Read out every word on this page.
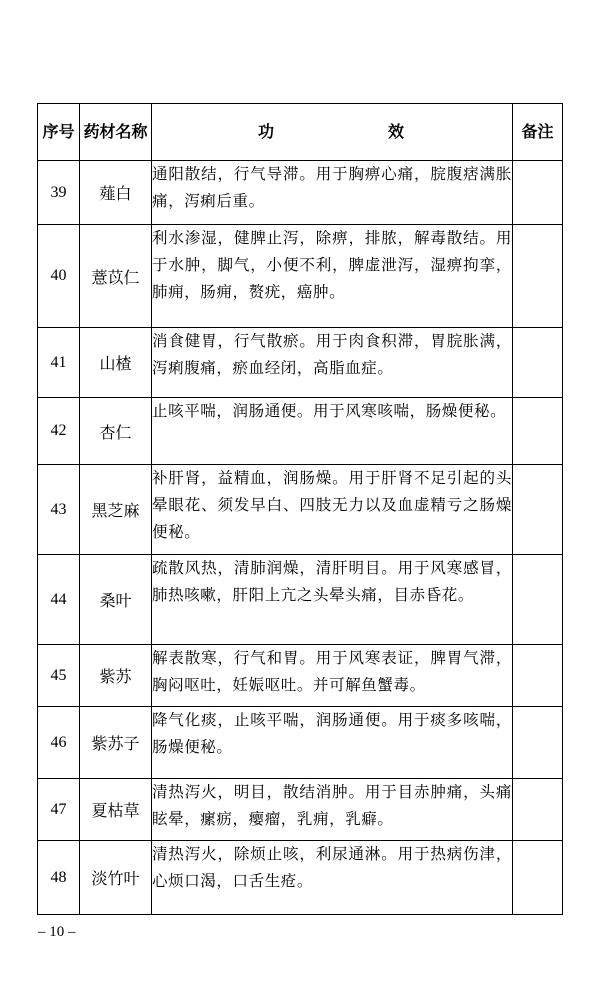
序号	药材名称	功 效	备注
39	薤白	通阳散结，行气导滞。用于胸痹心痛，脘腹痞满胀痛，泻痢后重。	
40	薏苡仁	利水渗湿，健脾止泻，除痹，排脓，解毒散结。用于水肿，脚气，小便不利，脾虚泄泻，湿痹拘挛，肺痈，肠痈，赘疣，癌肿。	
41	山楂	消食健胃，行气散瘀。用于肉食积滞，胃脘胀满，泻痢腹痛，瘀血经闭，高脂血症。	
42	杏仁	止咳平喘，润肠通便。用于风寒咳喘，肠燥便秘。	
43	黑芝麻	补肝肾，益精血，润肠燥。用于肝肾不足引起的头晕眼花、须发早白、四肢无力以及血虚精亏之肠燥便秘。	
44	桑叶	疏散风热，清肺润燥，清肝明目。用于风寒感冒，肺热咳嗽，肝阳上亢之头晕头痛，目赤昏花。	
45	紫苏	解表散寒，行气和胃。用于风寒表证，脾胃气滞，胸闷呕吐，妊娠呕吐。并可解鱼蟹毒。	
46	紫苏子	降气化痰，止咳平喘，润肠通便。用于痰多咳喘，肠燥便秘。	
47	夏枯草	清热泻火，明目，散结消肿。用于目赤肿痛，头痛眩晕，瘰疬，瘿瘤，乳痈，乳癖。	
48	淡竹叶	清热泻火，除烦止咳，利尿通淋。用于热病伤津，心烦口渴，口舌生疮。	
– 10 –
